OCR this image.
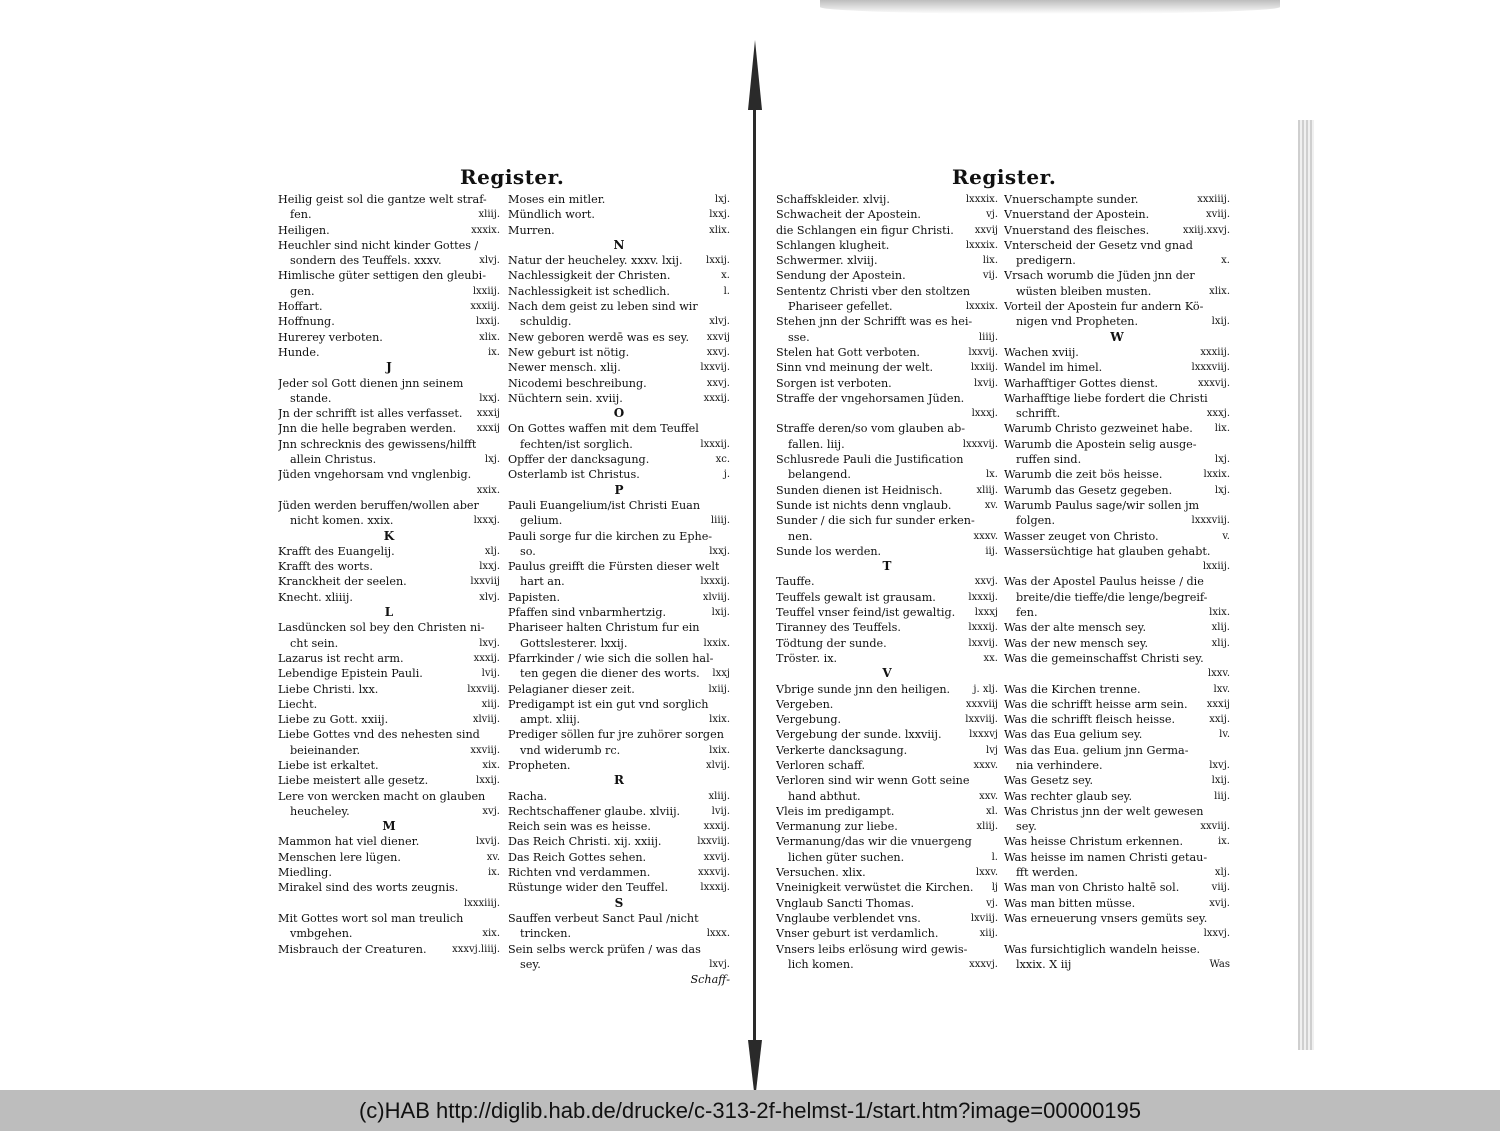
Register.
Heilig geist sol die gantze welt straf-
fen.	xliij.
Heiligen.	xxxix.
Heuchler sind nicht kinder Gottes /
sondern des Teuffels. xxxv.	xlvj.
Himlische güter settigen den gleubi-
gen.	lxxiij.
Hoffart.	xxxiij.
Hoffnung.	lxxij.
Hurerey verboten.	xlix.
Hunde.	ix.
J
Jeder sol Gott dienen jnn seinem
stande.	lxxj.
Jn der schrifft ist alles verfasset.	xxxij
Jnn die helle begraben werden.	xxxij
Jnn schrecknis des gewissens/hilfft
allein Christus.	lxj.
Jüden vngehorsam vnd vnglenbig.
xxix.
Jüden werden beruffen/wollen aber
nicht komen. xxix.	lxxxj.
K
Krafft des Euangelij.	xlj.
Krafft des worts.	lxxj.
Kranckheit der seelen.	lxxviij
Knecht. xliiij.	xlvj.
L
Lasdüncken sol bey den Christen ni-
cht sein.	lxvj.
Lazarus ist recht arm.	xxxij.
Lebendige Epistein Pauli.	lvij.
Liebe Christi. lxx.	lxxviij.
Liecht.	xiij.
Liebe zu Gott. xxiij.	xlviij.
Liebe Gottes vnd des nehesten sind
beieinander.	xxviij.
Liebe ist erkaltet.	xix.
Liebe meistert alle gesetz.	lxxij.
Lere von wercken macht on glauben
heucheley.	xvj.
M
Mammon hat viel diener.	lxvij.
Menschen lere lügen.	xv.
Miedling.	ix.
Mirakel sind des worts zeugnis.
lxxxiiij.
Mit Gottes wort sol man treulich
vmbgehen.	xix.
Misbrauch der Creaturen.	xxxvj.liiij.
Moses ein mitler.	lxj.
Mündlich wort.	lxxj.
Murren.	xlix.
N
Natur der heucheley. xxxv. lxij.	lxxij.
Nachlessigkeit der Christen.	x.
Nachlessigkeit ist schedlich.	l.
Nach dem geist zu leben sind wir
schuldig.	xlvj.
New geboren werdē was es sey.	xxvij
New geburt ist nötig.	xxvj.
Newer mensch. xlij.	lxxvij.
Nicodemi beschreibung.	xxvj.
Nüchtern sein. xviij.	xxxij.
O
On Gottes waffen mit dem Teuffel
fechten/ist sorglich.	lxxxij.
Opffer der dancksagung.	xc.
Osterlamb ist Christus.	j.
P
Pauli Euangelium/ist Christi Euan
gelium.	liiij.
Pauli sorge fur die kirchen zu Ephe-
so.	lxxj.
Paulus greifft die Fürsten dieser welt
hart an.	lxxxij.
Papisten.	xlviij.
Pfaffen sind vnbarmhertzig.	lxij.
Phariseer halten Christum fur ein
Gottslesterer. lxxij.	lxxix.
Pfarrkinder / wie sich die sollen hal-
ten gegen die diener des worts.	lxxj
Pelagianer dieser zeit.	lxiij.
Predigampt ist ein gut vnd sorglich
ampt. xliij.	lxix.
Prediger söllen fur jre zuhörer sorgen
vnd widerumb rc.	lxix.
Propheten.	xlvij.
R
Racha.	xliij.
Rechtschaffener glaube. xlviij.	lvij.
Reich sein was es heisse.	xxxij.
Das Reich Christi. xij. xxiij.	lxxviij.
Das Reich Gottes sehen.	xxvij.
Richten vnd verdammen.	xxxvij.
Rüstunge wider den Teuffel.	lxxxij.
S
Sauffen verbeut Sanct Paul /nicht
trincken.	lxxx.
Sein selbs werck prüfen / was das
sey.	lxvj.
Schaff-
Register.
Schaffskleider. xlvij.	lxxxix.
Schwacheit der Apostein.	vj.
die Schlangen ein figur Christi.	xxvij
Schlangen klugheit.	lxxxix.
Schwermer. xlviij.	lix.
Sendung der Apostein.	vij.
Sententz Christi vber den stoltzen
Phariseer gefellet.	lxxxix.
Stehen jnn der Schrifft was es hei-
sse.	liiij.
Stelen hat Gott verboten.	lxxvij.
Sinn vnd meinung der welt.	lxxiij.
Sorgen ist verboten.	lxvij.
Straffe der vngehorsamen Jüden.
lxxxj.
Straffe deren/so vom glauben ab-
fallen. liij.	lxxxvij.
Schlusrede Pauli die Justification
belangend.	lx.
Sunden dienen ist Heidnisch.	xliij.
Sunde ist nichts denn vnglaub.	xv.
Sunder / die sich fur sunder erken-
nen.	xxxv.
Sunde los werden.	iij.
T
Tauffe.	xxvj.
Teuffels gewalt ist grausam.	lxxxij.
Teuffel vnser feind/ist gewaltig.	lxxxj
Tiranney des Teuffels.	lxxxij.
Tödtung der sunde.	lxxvij.
Tröster. ix.	xx.
V
Vbrige sunde jnn den heiligen.	j. xlj.
Vergeben.	xxxviij
Vergebung.	lxxviij.
Vergebung der sunde. lxxviij.	lxxxvj
Verkerte dancksagung.	lvj
Verloren schaff.	xxxv.
Verloren sind wir wenn Gott seine
hand abthut.	xxv.
Vleis im predigampt.	xl.
Vermanung zur liebe.	xliij.
Vermanung/das wir die vnuergeng
lichen güter suchen.	l.
Versuchen. xlix.	lxxv.
Vneinigkeit verwüstet die Kirchen.	lj
Vnglaub Sancti Thomas.	vj.
Vnglaube verblendet vns.	lxviij.
Vnser geburt ist verdamlich.	xiij.
Vnsers leibs erlösung wird gewis-
lich komen.	xxxvj.
Vnuerschampte sunder.	xxxiiij.
Vnuerstand der Apostein.	xviij.
Vnuerstand des fleisches.	xxiij.xxvj.
Vnterscheid der Gesetz vnd gnad
predigern.	x.
Vrsach worumb die Jüden jnn der
wüsten bleiben musten.	xlix.
Vorteil der Apostein fur andern Kö-
nigen vnd Propheten.	lxij.
W
Wachen xviij.	xxxiij.
Wandel im himel.	lxxxviij.
Warhafftiger Gottes dienst.	xxxvij.
Warhafftige liebe fordert die Christi
schrifft.	xxxj.
Warumb Christo gezweinet habe.	lix.
Warumb die Apostein selig ausge-
ruffen sind.	lxj.
Warumb die zeit bös heisse.	lxxix.
Warumb das Gesetz gegeben.	lxj.
Warumb Paulus sage/wir sollen jm
folgen.	lxxxviij.
Wasser zeuget von Christo.	v.
Wassersüchtige hat glauben gehabt.
lxxiij.
Was der Apostel Paulus heisse / die
breite/die tieffe/die lenge/begreif-
fen.	lxix.
Was der alte mensch sey.	xlij.
Was der new mensch sey.	xlij.
Was die gemeinschaffst Christi sey.
lxxv.
Was die Kirchen trenne.	lxv.
Was die schrifft heisse arm sein.	xxxij
Was die schrifft fleisch heisse.	xxij.
Was das Eua gelium sey.	lv.
Was das Eua. gelium jnn Germa-
nia verhindere.	lxvj.
Was Gesetz sey.	lxij.
Was rechter glaub sey.	liij.
Was Christus jnn der welt gewesen
sey.	xxviij.
Was heisse Christum erkennen.	ix.
Was heisse im namen Christi getau-
fft werden.	xlj.
Was man von Christo haltē sol.	viij.
Was man bitten müsse.	xvij.
Was erneuerung vnsers gemüts sey.
lxxvj.
Was fursichtiglich wandeln heisse.
lxxix. X iij	Was
(c)HAB http://diglib.hab.de/drucke/c-313-2f-helmst-1/start.htm?image=00000195
